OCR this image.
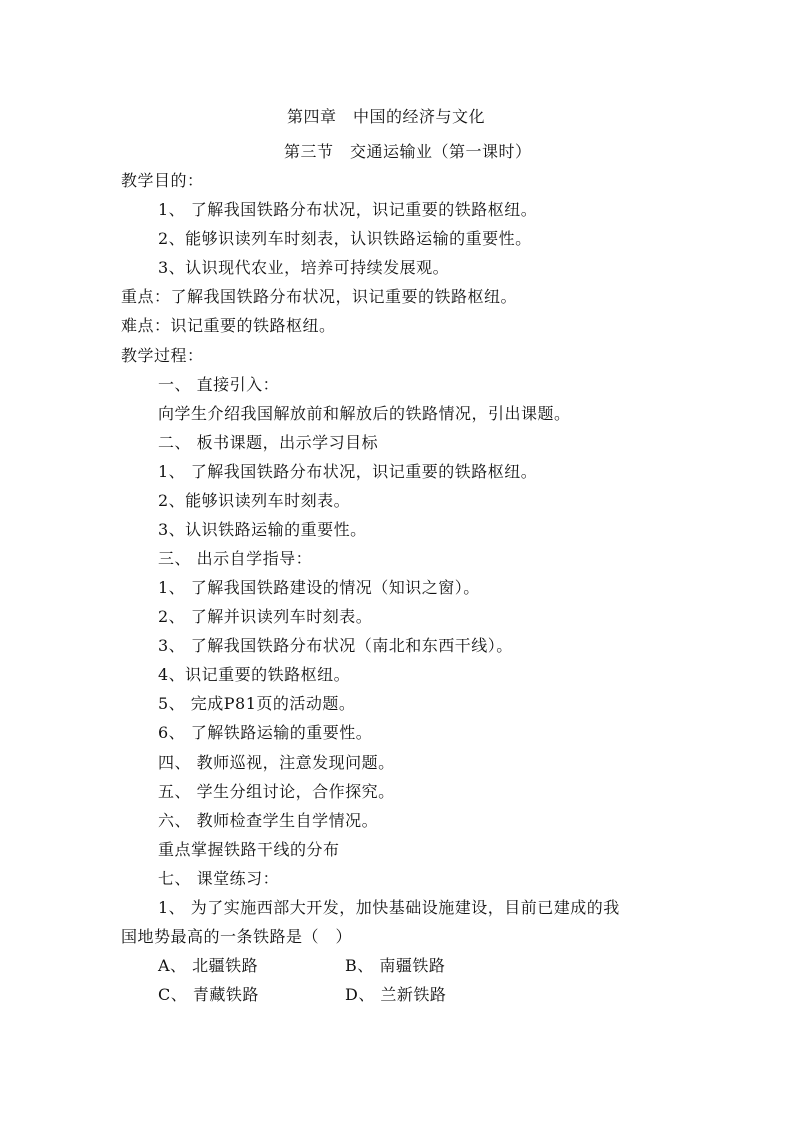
第四章　中国的经济与文化
第三节　交通运输业（第一课时）
教学目的：
1、 了解我国铁路分布状况，识记重要的铁路枢纽。
2、能够识读列车时刻表，认识铁路运输的重要性。
3、认识现代农业，培养可持续发展观。
重点：了解我国铁路分布状况，识记重要的铁路枢纽。
难点：识记重要的铁路枢纽。
教学过程：
一、 直接引入：
向学生介绍我国解放前和解放后的铁路情况，引出课题。
二、 板书课题，出示学习目标
1、 了解我国铁路分布状况，识记重要的铁路枢纽。
2、能够识读列车时刻表。
3、认识铁路运输的重要性。
三、 出示自学指导：
1、 了解我国铁路建设的情况（知识之窗）。
2、 了解并识读列车时刻表。
3、 了解我国铁路分布状况（南北和东西干线）。
4、识记重要的铁路枢纽。
5、 完成P81页的活动题。
6、 了解铁路运输的重要性。
四、 教师巡视，注意发现问题。
五、 学生分组讨论，合作探究。
六、 教师检查学生自学情况。
重点掌握铁路干线的分布
七、 课堂练习：
1、 为了实施西部大开发，加快基础设施建设，目前已建成的我
国地势最高的一条铁路是（　）
A、 北疆铁路	B、 南疆铁路
C、 青藏铁路	D、 兰新铁路
